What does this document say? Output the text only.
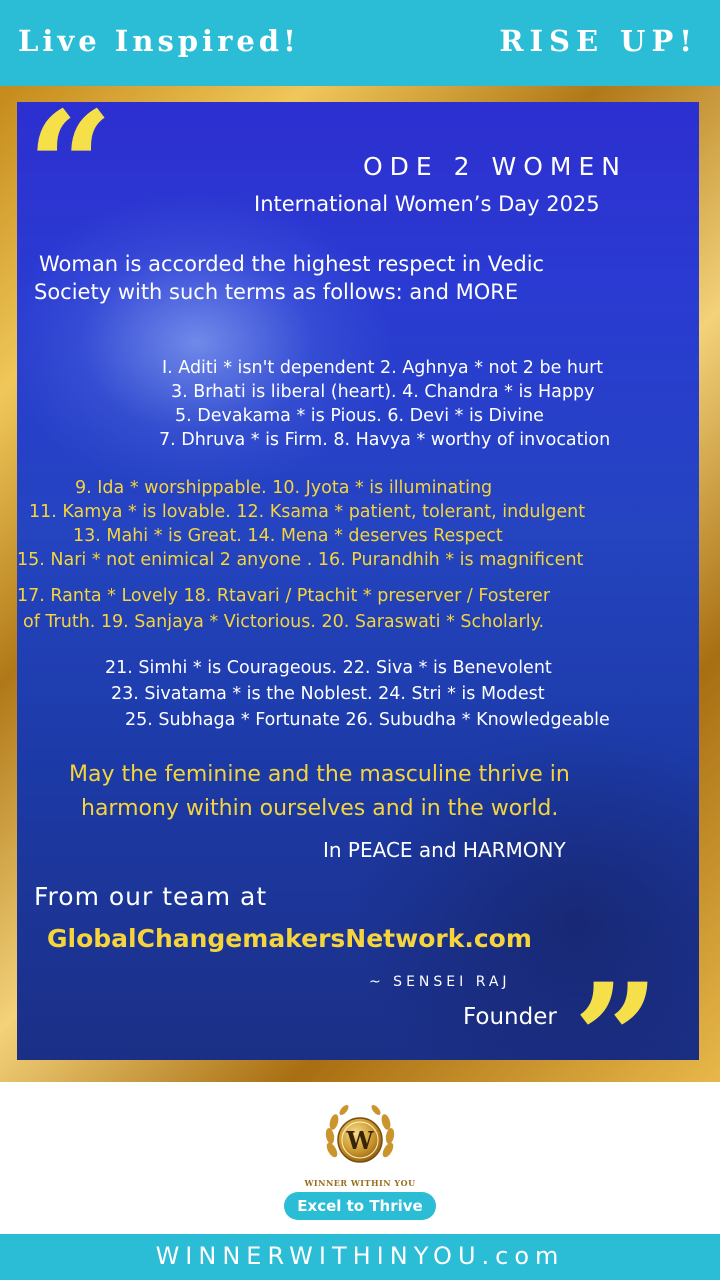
Live Inspired!	RISE UP!
“	ODE 2 WOMEN
International Women’s Day 2025
Woman is accorded the highest respect in Vedic
Society with such terms as follows: and MORE
I. Aditi * isn't dependent 2. Aghnya * not 2 be hurt
3. Brhati is liberal (heart). 4. Chandra * is Happy
5. Devakama * is Pious. 6. Devi * is Divine
7. Dhruva * is Firm. 8. Havya * worthy of invocation
9. Ida * worshippable. 10. Jyota * is illuminating
11. Kamya * is lovable. 12. Ksama * patient, tolerant, indulgent
13. Mahi * is Great. 14. Mena * deserves Respect
15. Nari * not enimical 2 anyone . 16. Purandhih * is magnificent
17. Ranta * Lovely 18. Rtavari / Ptachit * preserver / Fosterer
of Truth. 19. Sanjaya * Victorious. 20. Saraswati * Scholarly.
21. Simhi * is Courageous. 22. Siva * is Benevolent
23. Sivatama * is the Noblest. 24. Stri * is Modest
25. Subhaga * Fortunate 26. Subudha * Knowledgeable
May the feminine and the masculine thrive in
harmony within ourselves and in the world.
In PEACE and HARMONY
From our team at
GlobalChangemakersNetwork.com
~ SENSEI RAJ
Founder ”
W
WINNER WITHIN YOU
Excel to Thrive
WINNERWITHINYOU.com
